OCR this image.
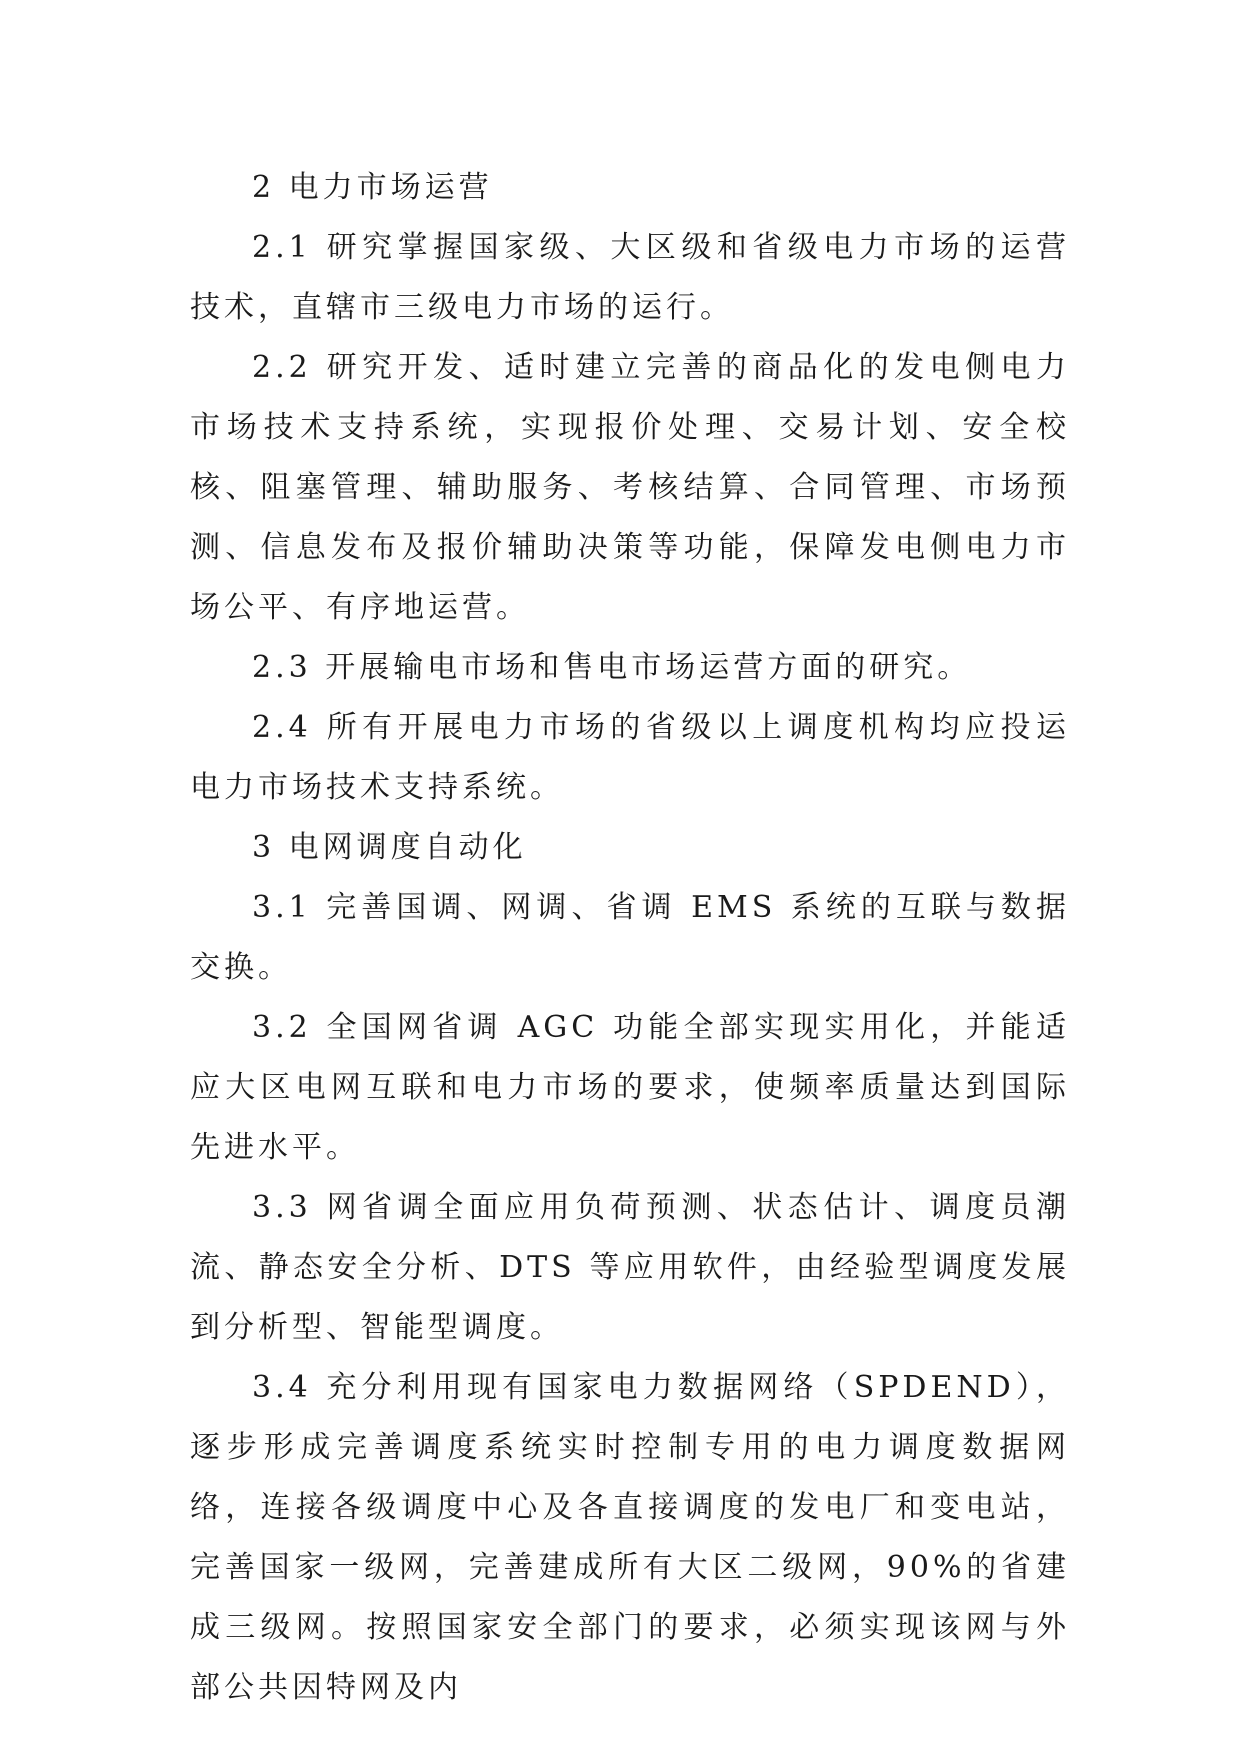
2 电力市场运营

2.1 研究掌握国家级、大区级和省级电力市场的运营技术，直辖市三级电力市场的运行。

2.2 研究开发、适时建立完善的商品化的发电侧电力市场技术支持系统，实现报价处理、交易计划、安全校核、阻塞管理、辅助服务、考核结算、合同管理、市场预测、信息发布及报价辅助决策等功能，保障发电侧电力市场公平、有序地运营。

2.3 开展输电市场和售电市场运营方面的研究。

2.4 所有开展电力市场的省级以上调度机构均应投运电力市场技术支持系统。

3 电网调度自动化

3.1 完善国调、网调、省调 EMS 系统的互联与数据交换。

3.2 全国网省调 AGC 功能全部实现实用化，并能适应大区电网互联和电力市场的要求，使频率质量达到国际先进水平。

3.3 网省调全面应用负荷预测、状态估计、调度员潮流、静态安全分析、DTS 等应用软件，由经验型调度发展到分析型、智能型调度。

3.4 充分利用现有国家电力数据网络（SPDEND），逐步形成完善调度系统实时控制专用的电力调度数据网络，连接各级调度中心及各直接调度的发电厂和变电站，完善国家一级网，完善建成所有大区二级网，90%的省建成三级网。按照国家安全部门的要求，必须实现该网与外部公共因特网及内
